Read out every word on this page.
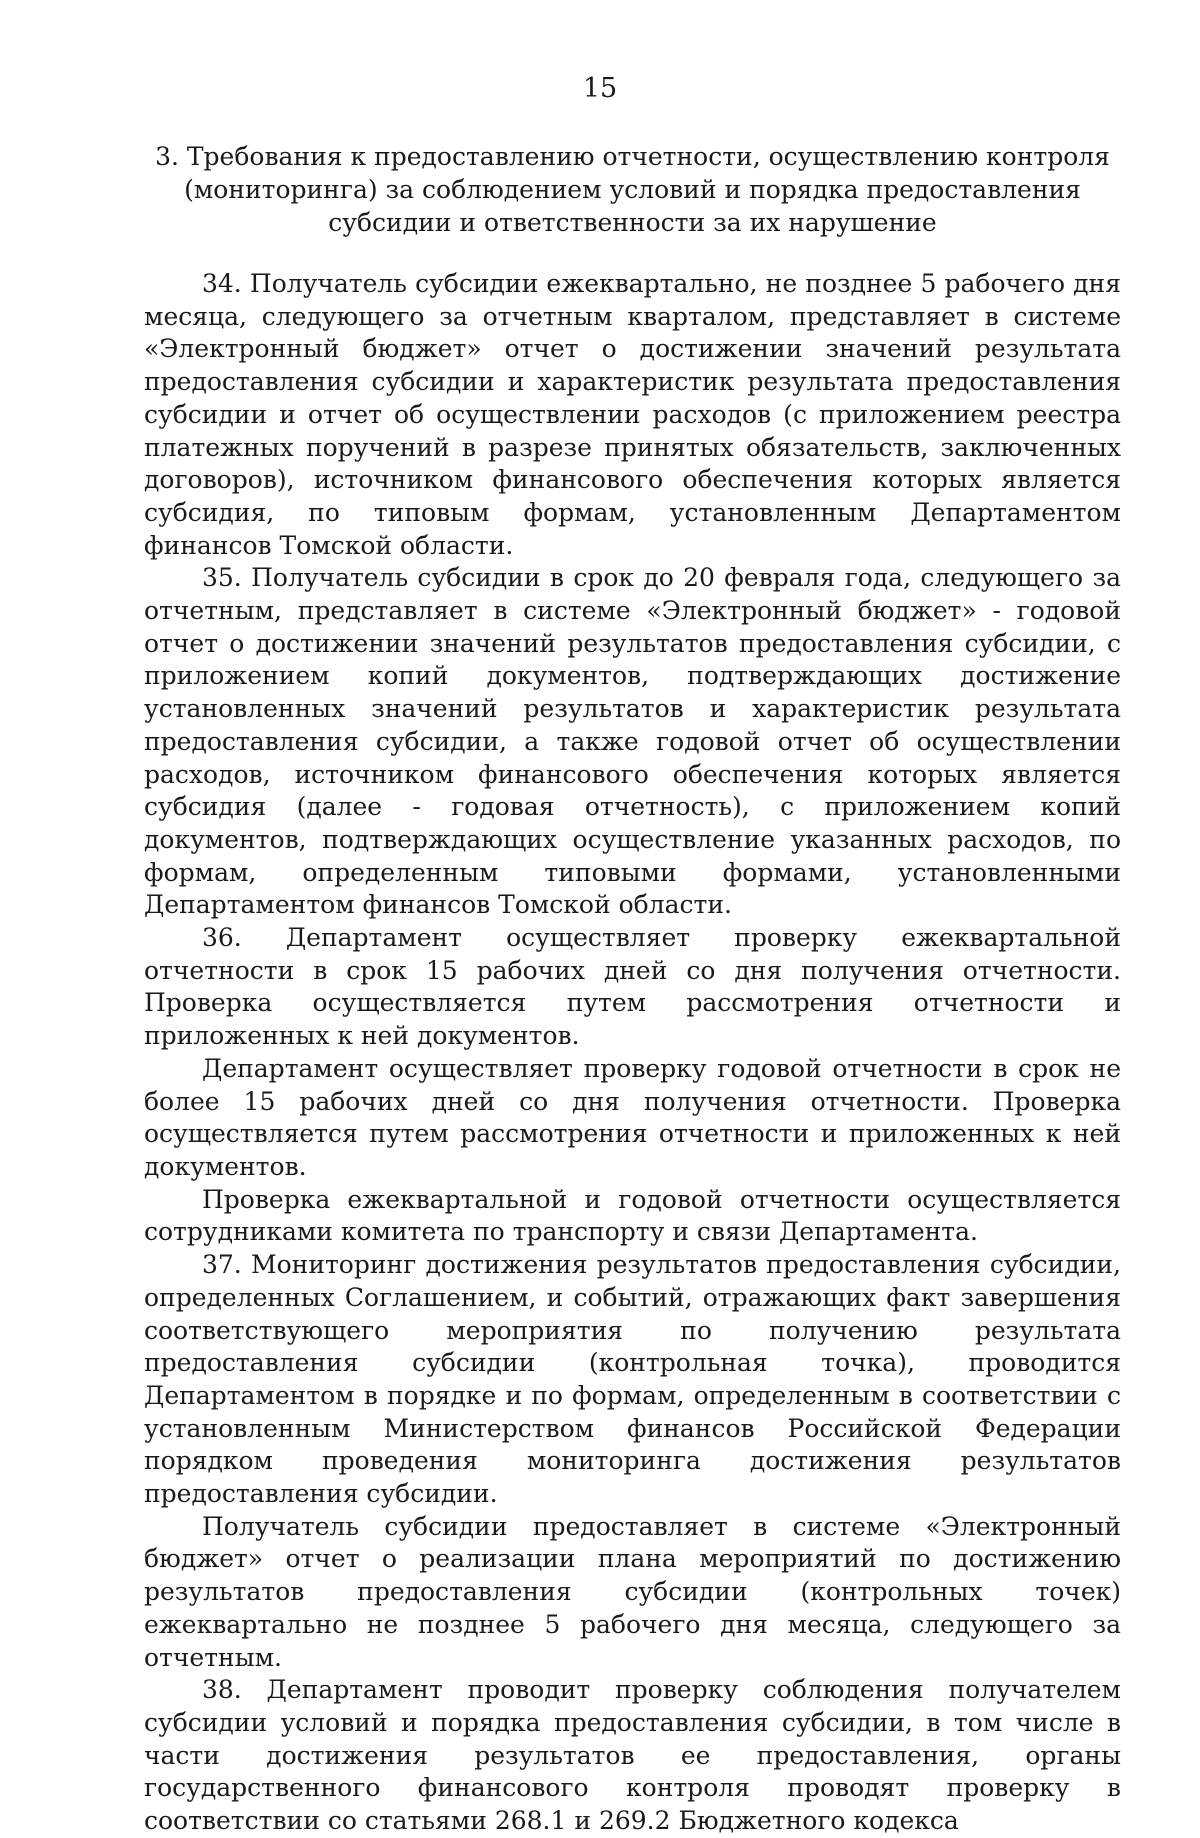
15
3. Требования к предоставлению отчетности, осуществлению контроля (мониторинга) за соблюдением условий и порядка предоставления субсидии и ответственности за их нарушение

34. Получатель субсидии ежеквартально, не позднее 5 рабочего дня месяца, следующего за отчетным кварталом, представляет в системе «Электронный бюджет» отчет о достижении значений результата предоставления субсидии и характеристик результата предоставления субсидии и отчет об осуществлении расходов (с приложением реестра платежных поручений в разрезе принятых обязательств, заключенных договоров), источником финансового обеспечения которых является субсидия, по типовым формам, установленным Департаментом финансов Томской области.

35. Получатель субсидии в срок до 20 февраля года, следующего за отчетным, представляет в системе «Электронный бюджет» - годовой отчет о достижении значений результатов предоставления субсидии, с приложением копий документов, подтверждающих достижение установленных значений результатов и характеристик результата предоставления субсидии, а также годовой отчет об осуществлении расходов, источником финансового обеспечения которых является субсидия (далее - годовая отчетность), с приложением копий документов, подтверждающих осуществление указанных расходов, по формам, определенным типовыми формами, установленными Департаментом финансов Томской области.

36. Департамент осуществляет проверку ежеквартальной отчетности в срок 15 рабочих дней со дня получения отчетности. Проверка осуществляется путем рассмотрения отчетности и приложенных к ней документов.

Департамент осуществляет проверку годовой отчетности в срок не более 15 рабочих дней со дня получения отчетности. Проверка осуществляется путем рассмотрения отчетности и приложенных к ней документов.

Проверка ежеквартальной и годовой отчетности осуществляется сотрудниками комитета по транспорту и связи Департамента.

37. Мониторинг достижения результатов предоставления субсидии, определенных Соглашением, и событий, отражающих факт завершения соответствующего мероприятия по получению результата предоставления субсидии (контрольная точка), проводится Департаментом в порядке и по формам, определенным в соответствии с установленным Министерством финансов Российской Федерации порядком проведения мониторинга достижения результатов предоставления субсидии.

Получатель субсидии предоставляет в системе «Электронный бюджет» отчет о реализации плана мероприятий по достижению результатов предоставления субсидии (контрольных точек) ежеквартально не позднее 5 рабочего дня месяца, следующего за отчетным.

38. Департамент проводит проверку соблюдения получателем субсидии условий и порядка предоставления субсидии, в том числе в части достижения результатов ее предоставления, органы государственного финансового контроля проводят проверку в соответствии со статьями 268.1 и 269.2 Бюджетного кодекса
